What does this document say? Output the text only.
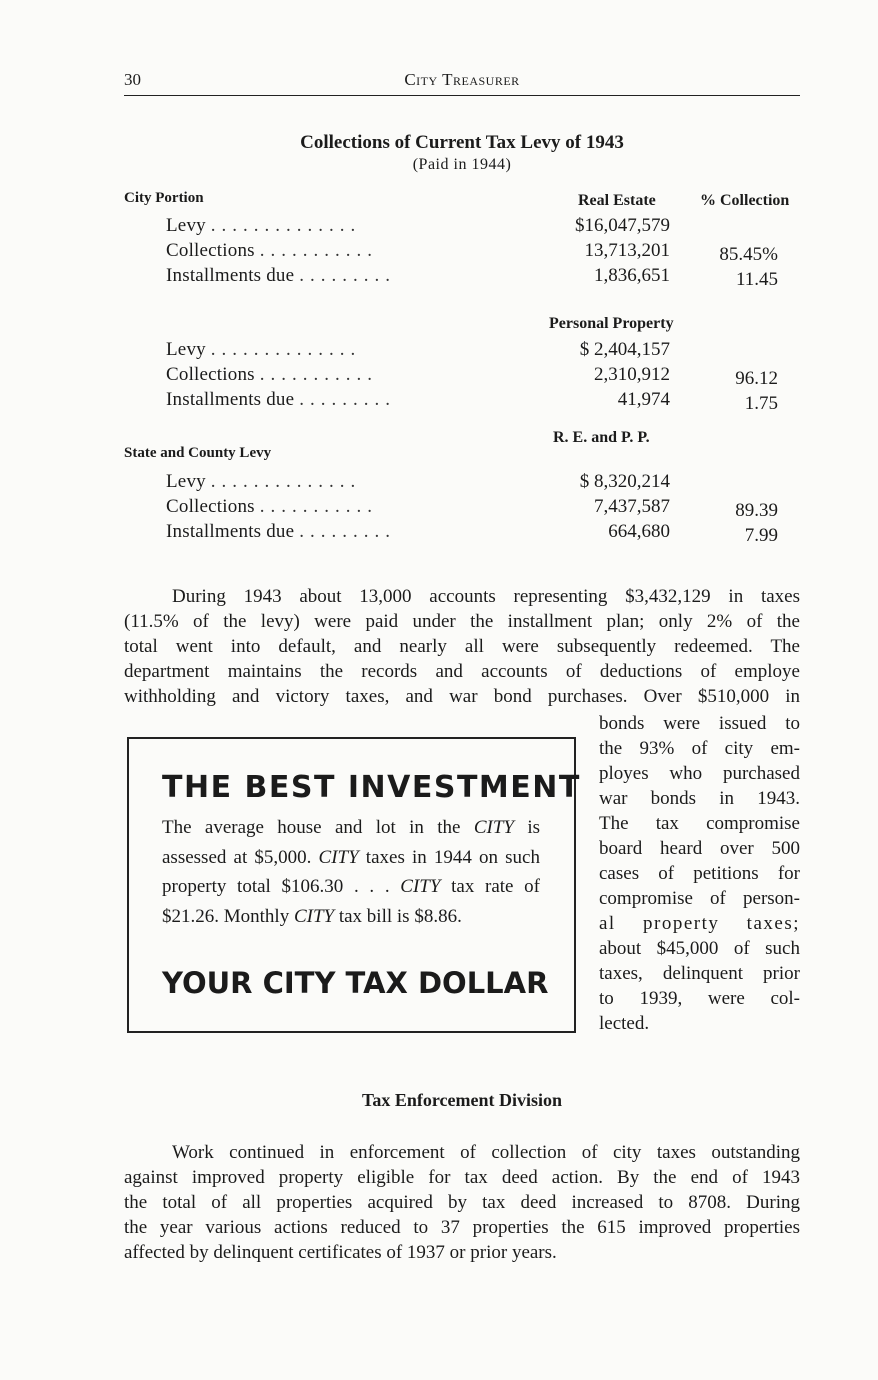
30	City Treasurer
Collections of Current Tax Levy of 1943
(Paid in 1944)
City Portion	Real Estate	% Collection
Levy ..............	$16,047,579
Collections ...........	13,713,201	85.45%
Installments due .........	1,836,651	11.45
Personal Property
Levy ..............	$ 2,404,157
Collections ...........	2,310,912	96.12
Installments due .........	41,974	1.75
R. E. and P. P.
State and County Levy
Levy ..............	$ 8,320,214
Collections ...........	7,437,587	89.39
Installments due .........	664,680	7.99
During 1943 about 13,000 accounts representing $3,432,129 in taxes
(11.5% of the levy) were paid under the installment plan; only 2% of the
total went into default, and nearly all were subsequently redeemed. The
department maintains the records and accounts of deductions of employe
withholding and victory taxes, and war bond purchases. Over $510,000 in
bonds were issued to
the 93% of city em-
ployes who purchased
war bonds in 1943.
The tax compromise
board heard over 500
cases of petitions for
compromise of person-
al property taxes;
about $45,000 of such
taxes, delinquent prior
to 1939, were col-
lected.
THE BEST INVESTMENT
The average house and lot in the CITY is assessed at $5,000. CITY taxes in 1944 on such property total $106.30 . . . CITY tax rate of $21.26. Monthly CITY tax bill is $8.86.
YOUR CITY TAX DOLLAR
Tax Enforcement Division
Work continued in enforcement of collection of city taxes outstanding
against improved property eligible for tax deed action. By the end of 1943
the total of all properties acquired by tax deed increased to 8708. During
the year various actions reduced to 37 properties the 615 improved properties
affected by delinquent certificates of 1937 or prior years.
